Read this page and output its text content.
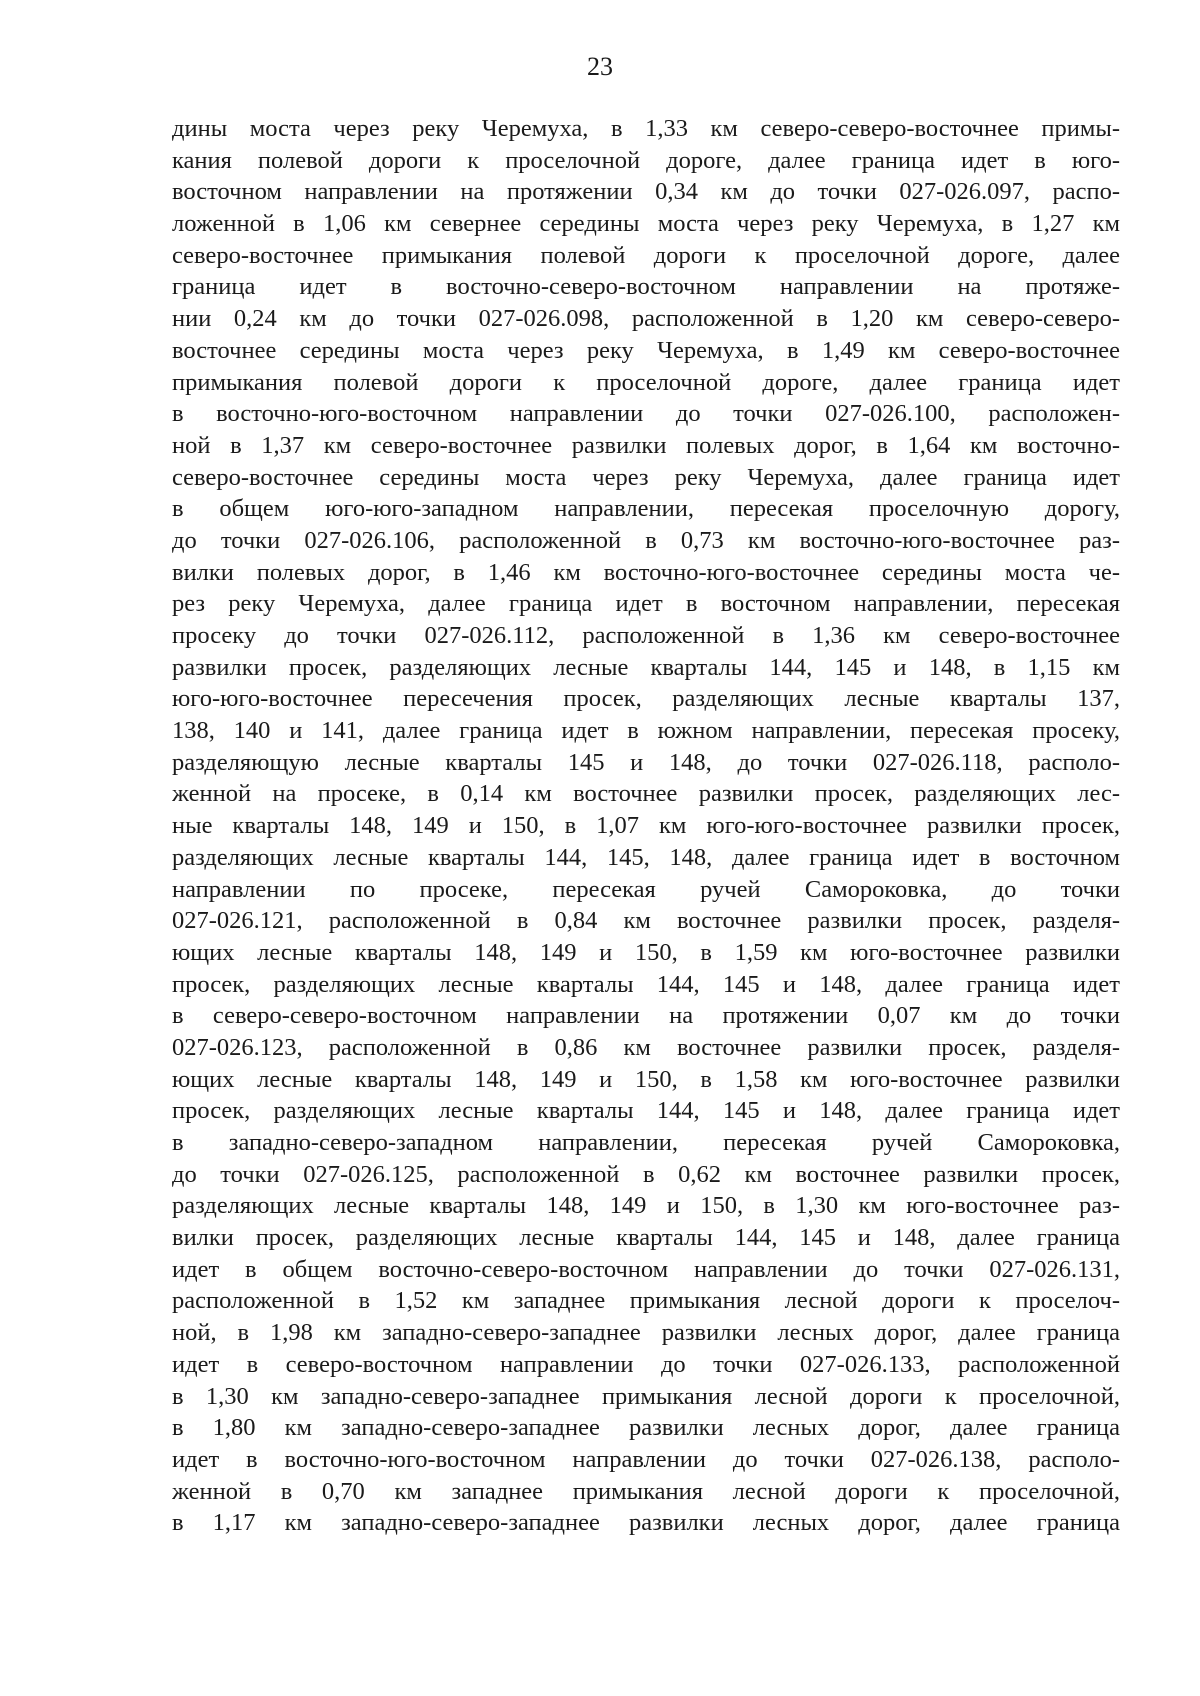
23
дины моста через реку Черемуха, в 1,33 км северо-северо-восточнее примы-
кания полевой дороги к проселочной дороге, далее граница идет в юго-
восточном направлении на протяжении 0,34 км до точки 027-026.097, распо-
ложенной в 1,06 км севернее середины моста через реку Черемуха, в 1,27 км
северо-восточнее примыкания полевой дороги к проселочной дороге, далее
граница идет в восточно-северо-восточном направлении на протяже-
нии 0,24 км до точки 027-026.098, расположенной в 1,20 км северо-северо-
восточнее середины моста через реку Черемуха, в 1,49 км северо-восточнее
примыкания полевой дороги к проселочной дороге, далее граница идет
в восточно-юго-восточном направлении до точки 027-026.100, расположен-
ной в 1,37 км северо-восточнее развилки полевых дорог, в 1,64 км восточно-
северо-восточнее середины моста через реку Черемуха, далее граница идет
в общем юго-юго-западном направлении, пересекая проселочную дорогу,
до точки 027-026.106, расположенной в 0,73 км восточно-юго-восточнее раз-
вилки полевых дорог, в 1,46 км восточно-юго-восточнее середины моста че-
рез реку Черемуха, далее граница идет в восточном направлении, пересекая
просеку до точки 027-026.112, расположенной в 1,36 км северо-восточнее
развилки просек, разделяющих лесные кварталы 144, 145 и 148, в 1,15 км
юго-юго-восточнее пересечения просек, разделяющих лесные кварталы 137,
138, 140 и 141, далее граница идет в южном направлении, пересекая просеку,
разделяющую лесные кварталы 145 и 148, до точки 027-026.118, располо-
женной на просеке, в 0,14 км восточнее развилки просек, разделяющих лес-
ные кварталы 148, 149 и 150, в 1,07 км юго-юго-восточнее развилки просек,
разделяющих лесные кварталы 144, 145, 148, далее граница идет в восточном
направлении по просеке, пересекая ручей Самороковка, до точки
027-026.121, расположенной в 0,84 км восточнее развилки просек, разделя-
ющих лесные кварталы 148, 149 и 150, в 1,59 км юго-восточнее развилки
просек, разделяющих лесные кварталы 144, 145 и 148, далее граница идет
в северо-северо-восточном направлении на протяжении 0,07 км до точки
027-026.123, расположенной в 0,86 км восточнее развилки просек, разделя-
ющих лесные кварталы 148, 149 и 150, в 1,58 км юго-восточнее развилки
просек, разделяющих лесные кварталы 144, 145 и 148, далее граница идет
в западно-северо-западном направлении, пересекая ручей Самороковка,
до точки 027-026.125, расположенной в 0,62 км восточнее развилки просек,
разделяющих лесные кварталы 148, 149 и 150, в 1,30 км юго-восточнее раз-
вилки просек, разделяющих лесные кварталы 144, 145 и 148, далее граница
идет в общем восточно-северо-восточном направлении до точки 027-026.131,
расположенной в 1,52 км западнее примыкания лесной дороги к проселоч-
ной, в 1,98 км западно-северо-западнее развилки лесных дорог, далее граница
идет в северо-восточном направлении до точки 027-026.133, расположенной
в 1,30 км западно-северо-западнее примыкания лесной дороги к проселочной,
в 1,80 км западно-северо-западнее развилки лесных дорог, далее граница
идет в восточно-юго-восточном направлении до точки 027-026.138, располо-
женной в 0,70 км западнее примыкания лесной дороги к проселочной,
в 1,17 км западно-северо-западнее развилки лесных дорог, далее граница
